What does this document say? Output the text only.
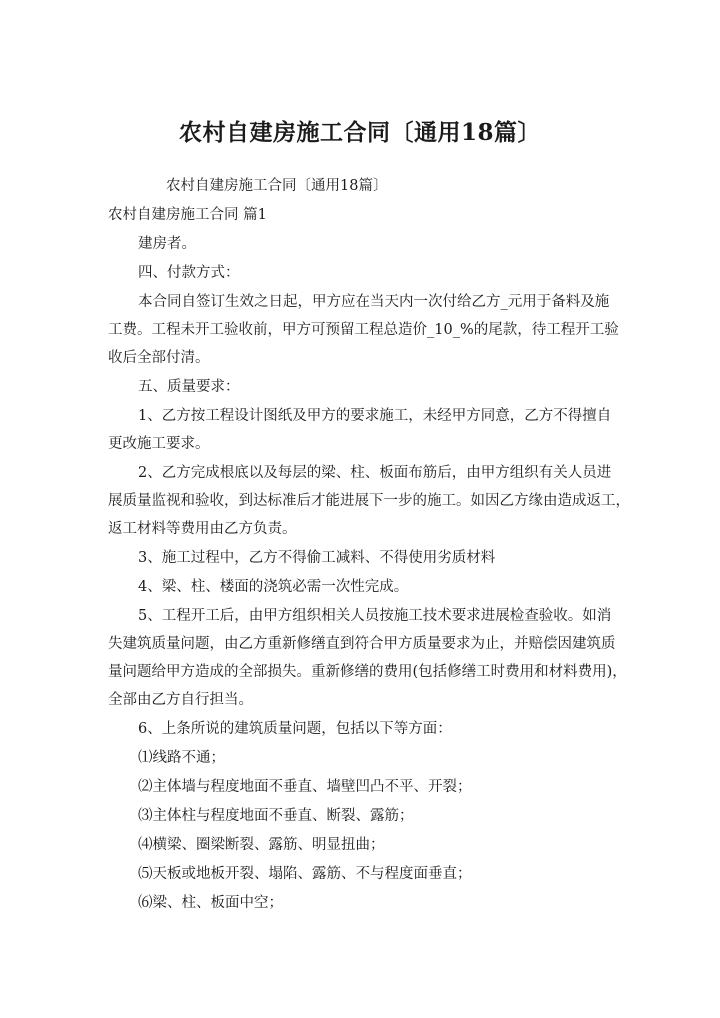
农村自建房施工合同〔通用18篇〕
农村自建房施工合同〔通用18篇〕
农村自建房施工合同 篇1
建房者。
四、付款方式：
本合同自签订生效之日起，甲方应在当天内一次付给乙方_元用于备料及施
工费。工程未开工验收前，甲方可预留工程总造价_10_%的尾款，待工程开工验
收后全部付清。
五、质量要求：
1、乙方按工程设计图纸及甲方的要求施工，未经甲方同意，乙方不得擅自
更改施工要求。
2、乙方完成根底以及每层的梁、柱、板面布筋后，由甲方组织有关人员进
展质量监视和验收，到达标准后才能进展下一步的施工。如因乙方缘由造成返工，
返工材料等费用由乙方负责。
3、施工过程中，乙方不得偷工减料、不得使用劣质材料
4、梁、柱、楼面的浇筑必需一次性完成。
5、工程开工后，由甲方组织相关人员按施工技术要求进展检查验收。如消
失建筑质量问题，由乙方重新修缮直到符合甲方质量要求为止，并赔偿因建筑质
量问题给甲方造成的全部损失。重新修缮的费用(包括修缮工时费用和材料费用)，
全部由乙方自行担当。
6、上条所说的建筑质量问题，包括以下等方面：
⑴线路不通；
⑵主体墙与程度地面不垂直、墙壁凹凸不平、开裂；
⑶主体柱与程度地面不垂直、断裂、露筋；
⑷横梁、圈梁断裂、露筋、明显扭曲；
⑸天板或地板开裂、塌陷、露筋、不与程度面垂直；
⑹梁、柱、板面中空；
